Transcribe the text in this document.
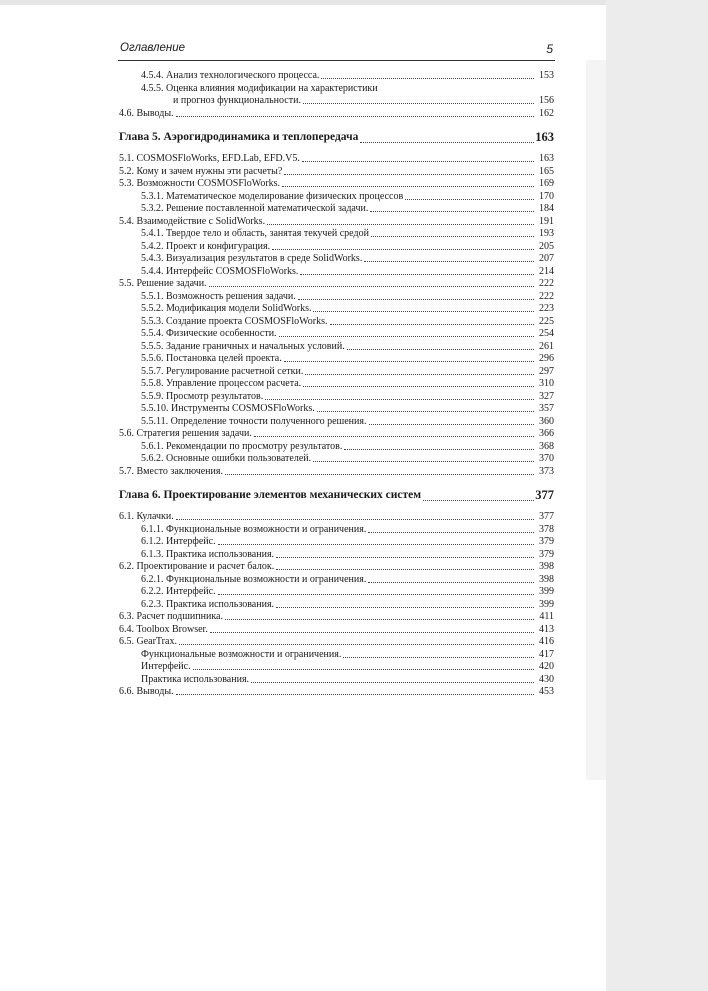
Оглавление	5
4.5.4. Анализ технологического процесса.	153
4.5.5. Оценка влияния модификации на характеристики
и прогноз функциональности.	156
4.6. Выводы.	162
Глава 5. Аэрогидродинамика и теплопередача	163
5.1. COSMOSFloWorks, EFD.Lab, EFD.V5.	163
5.2. Кому и зачем нужны эти расчеты?	165
5.3. Возможности COSMOSFloWorks.	169
5.3.1. Математическое моделирование физических процессов	170
5.3.2. Решение поставленной математической задачи.	184
5.4. Взаимодействие с SolidWorks.	191
5.4.1. Твердое тело и область, занятая текучей средой	193
5.4.2. Проект и конфигурация.	205
5.4.3. Визуализация результатов в среде SolidWorks.	207
5.4.4. Интерфейс COSMOSFloWorks.	214
5.5. Решение задачи.	222
5.5.1. Возможность решения задачи.	222
5.5.2. Модификация модели SolidWorks.	223
5.5.3. Создание проекта COSMOSFloWorks.	225
5.5.4. Физические особенности.	254
5.5.5. Задание граничных и начальных условий.	261
5.5.6. Постановка целей проекта.	296
5.5.7. Регулирование расчетной сетки.	297
5.5.8. Управление процессом расчета.	310
5.5.9. Просмотр результатов.	327
5.5.10. Инструменты COSMOSFloWorks.	357
5.5.11. Определение точности полученного решения.	360
5.6. Стратегия решения задачи.	366
5.6.1. Рекомендации по просмотру результатов.	368
5.6.2. Основные ошибки пользователей.	370
5.7. Вместо заключения.	373
Глава 6. Проектирование элементов механических систем	377
6.1. Кулачки.	377
6.1.1. Функциональные возможности и ограничения.	378
6.1.2. Интерфейс.	379
6.1.3. Практика использования.	379
6.2. Проектирование и расчет балок.	398
6.2.1. Функциональные возможности и ограничения.	398
6.2.2. Интерфейс.	399
6.2.3. Практика использования.	399
6.3. Расчет подшипника.	411
6.4. Toolbox Browser.	413
6.5. GearTrax.	416
Функциональные возможности и ограничения.	417
Интерфейс.	420
Практика использования.	430
6.6. Выводы.	453
